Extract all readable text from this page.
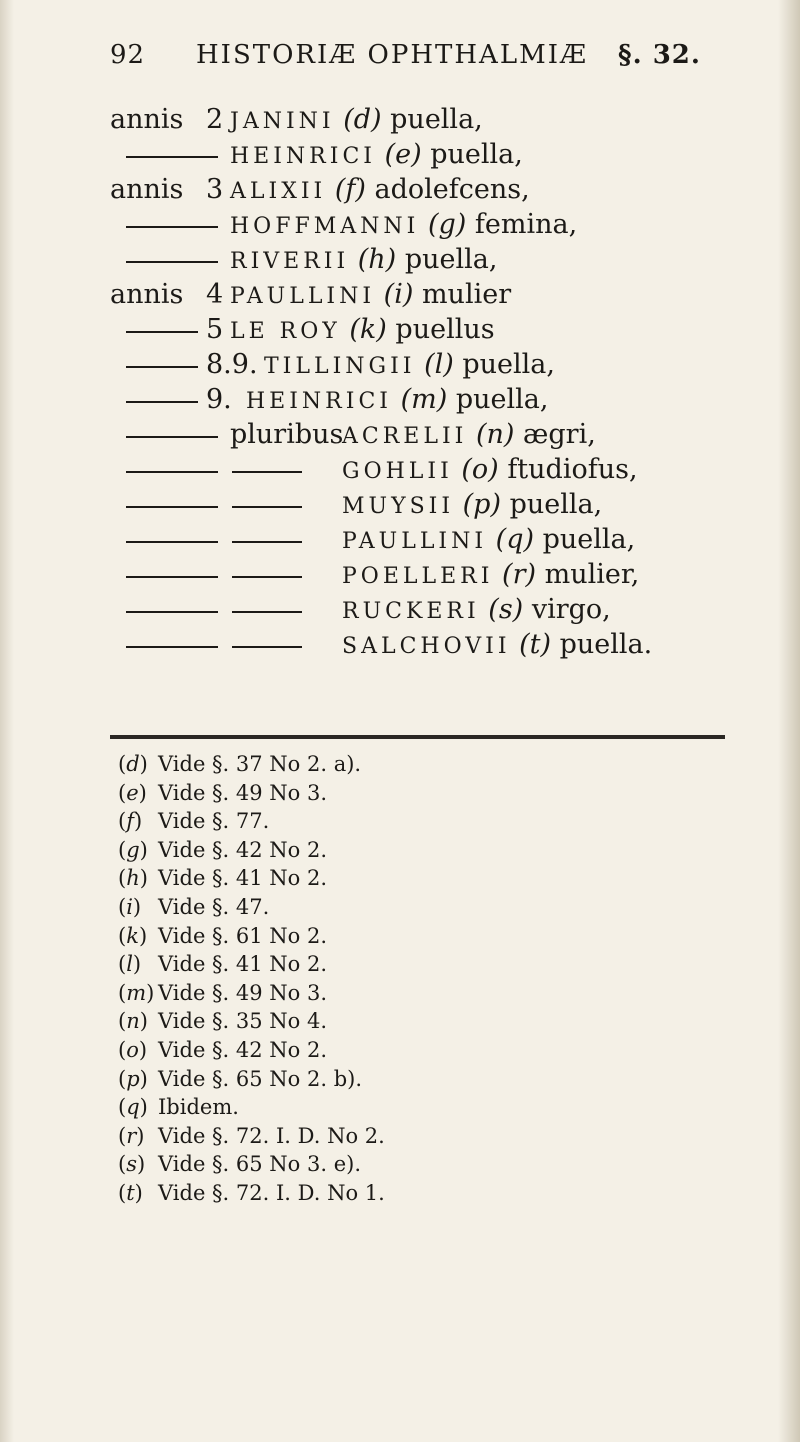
92 HISTORIÆ OPHTHALMIÆ §. 32.
annis 2 JANINI (d) puella,
HEINRICI (e) puella,
annis 3 ALIXII (f) adolefcens,
HOFFMANNI (g) femina,
RIVERII (h) puella,
annis 4 PAULLINI (i) mulier
5 LE ROY (k) puellus
8.9. TILLINGII (l) puella,
9. HEINRICI (m) puella,
pluribus
ACRELII (n) ægri,
GOHLII (o) ftudiofus,
MUYSII (p) puella,
PAULLINI (q) puella,
POELLERI (r) mulier,
RUCKERI (s) virgo,
SALCHOVII (t) puella.
(d) Vide §. 37 No 2. a).
(e) Vide §. 49 No 3.
(f) Vide §. 77.
(g) Vide §. 42 No 2.
(h) Vide §. 41 No 2.
(i) Vide §. 47.
(k) Vide §. 61 No 2.
(l) Vide §. 41 No 2.
(m) Vide §. 49 No 3.
(n) Vide §. 35 No 4.
(o) Vide §. 42 No 2.
(p) Vide §. 65 No 2. b).
(q) Ibidem.
(r) Vide §. 72. I. D. No 2.
(s) Vide §. 65 No 3. e).
(t) Vide §. 72. I. D. No 1.
